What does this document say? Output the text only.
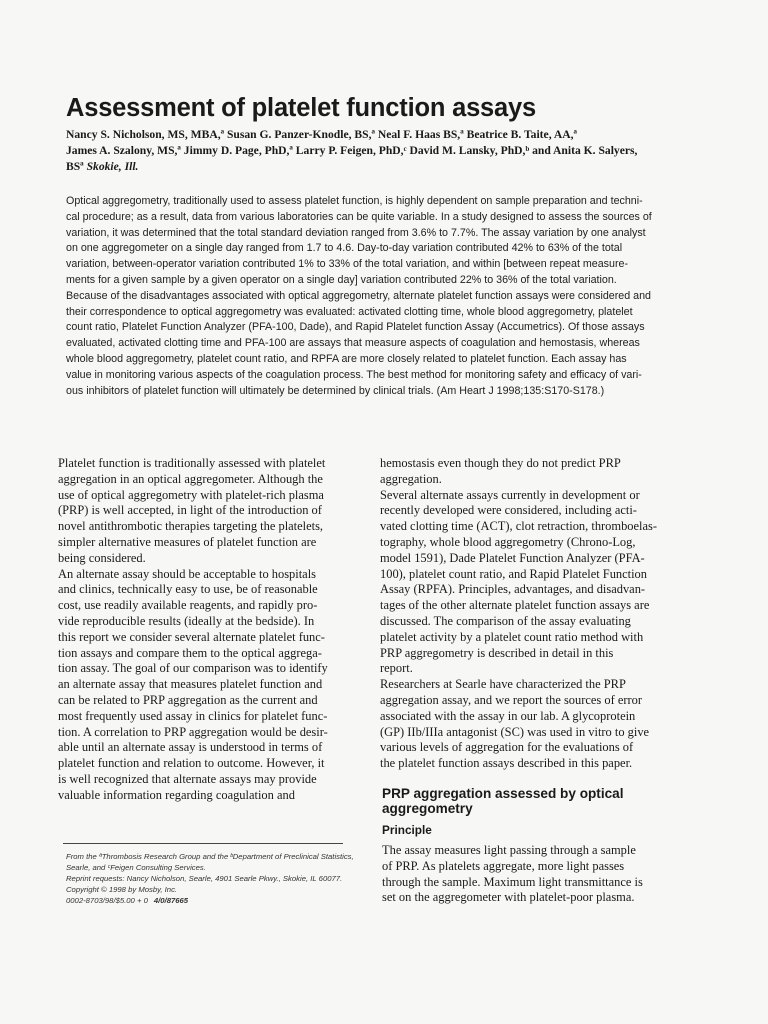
Assessment of platelet function assays
Nancy S. Nicholson, MS, MBA,ª Susan G. Panzer-Knodle, BS,ª Neal F. Haas BS,ª Beatrice B. Taite, AA,ª
James A. Szalony, MS,ª Jimmy D. Page, PhD,ª Larry P. Feigen, PhD,ᶜ David M. Lansky, PhD,ᵇ and Anita K. Salyers,
BSª Skokie, Ill.
Optical aggregometry, traditionally used to assess platelet function, is highly dependent on sample preparation and techni-
cal procedure; as a result, data from various laboratories can be quite variable. In a study designed to assess the sources of
variation, it was determined that the total standard deviation ranged from 3.6% to 7.7%. The assay variation by one analyst
on one aggregometer on a single day ranged from 1.7 to 4.6. Day-to-day variation contributed 42% to 63% of the total
variation, between-operator variation contributed 1% to 33% of the total variation, and within [between repeat measure-
ments for a given sample by a given operator on a single day] variation contributed 22% to 36% of the total variation.
Because of the disadvantages associated with optical aggregometry, alternate platelet function assays were considered and
their correspondence to optical aggregometry was evaluated: activated clotting time, whole blood aggregometry, platelet
count ratio, Platelet Function Analyzer (PFA-100, Dade), and Rapid Platelet function Assay (Accumetrics). Of those assays
evaluated, activated clotting time and PFA-100 are assays that measure aspects of coagulation and hemostasis, whereas
whole blood aggregometry, platelet count ratio, and RPFA are more closely related to platelet function. Each assay has
value in monitoring various aspects of the coagulation process. The best method for monitoring safety and efficacy of vari-
ous inhibitors of platelet function will ultimately be determined by clinical trials. (Am Heart J 1998;135:S170-S178.)
Platelet function is traditionally assessed with platelet
aggregation in an optical aggregometer. Although the
use of optical aggregometry with platelet-rich plasma
(PRP) is well accepted, in light of the introduction of
novel antithrombotic therapies targeting the platelets,
simpler alternative measures of platelet function are
being considered.
An alternate assay should be acceptable to hospitals
and clinics, technically easy to use, be of reasonable
cost, use readily available reagents, and rapidly pro-
vide reproducible results (ideally at the bedside). In
this report we consider several alternate platelet func-
tion assays and compare them to the optical aggrega-
tion assay. The goal of our comparison was to identify
an alternate assay that measures platelet function and
can be related to PRP aggregation as the current and
most frequently used assay in clinics for platelet func-
tion. A correlation to PRP aggregation would be desir-
able until an alternate assay is understood in terms of
platelet function and relation to outcome. However, it
is well recognized that alternate assays may provide
valuable information regarding coagulation and
hemostasis even though they do not predict PRP
aggregation.
Several alternate assays currently in development or
recently developed were considered, including acti-
vated clotting time (ACT), clot retraction, thromboelas-
tography, whole blood aggregometry (Chrono-Log,
model 1591), Dade Platelet Function Analyzer (PFA-
100), platelet count ratio, and Rapid Platelet Function
Assay (RPFA). Principles, advantages, and disadvan-
tages of the other alternate platelet function assays are
discussed. The comparison of the assay evaluating
platelet activity by a platelet count ratio method with
PRP aggregometry is described in detail in this
report.
Researchers at Searle have characterized the PRP
aggregation assay, and we report the sources of error
associated with the assay in our lab. A glycoprotein
(GP) IIb/IIIa antagonist (SC) was used in vitro to give
various levels of aggregation for the evaluations of
the platelet function assays described in this paper.
PRP aggregation assessed by optical
aggregometry
Principle
The assay measures light passing through a sample
of PRP. As platelets aggregate, more light passes
through the sample. Maximum light transmittance is
set on the aggregometer with platelet-poor plasma.
From the ªThrombosis Research Group and the ᵇDepartment of Preclinical Statistics,
Searle, and ᶜFeigen Consulting Services.
Reprint requests: Nancy Nicholson, Searle, 4901 Searle Pkwy., Skokie, IL 60077.
Copyright © 1998 by Mosby, Inc.
0002-8703/98/$5.00 + 0 4/0/87665
